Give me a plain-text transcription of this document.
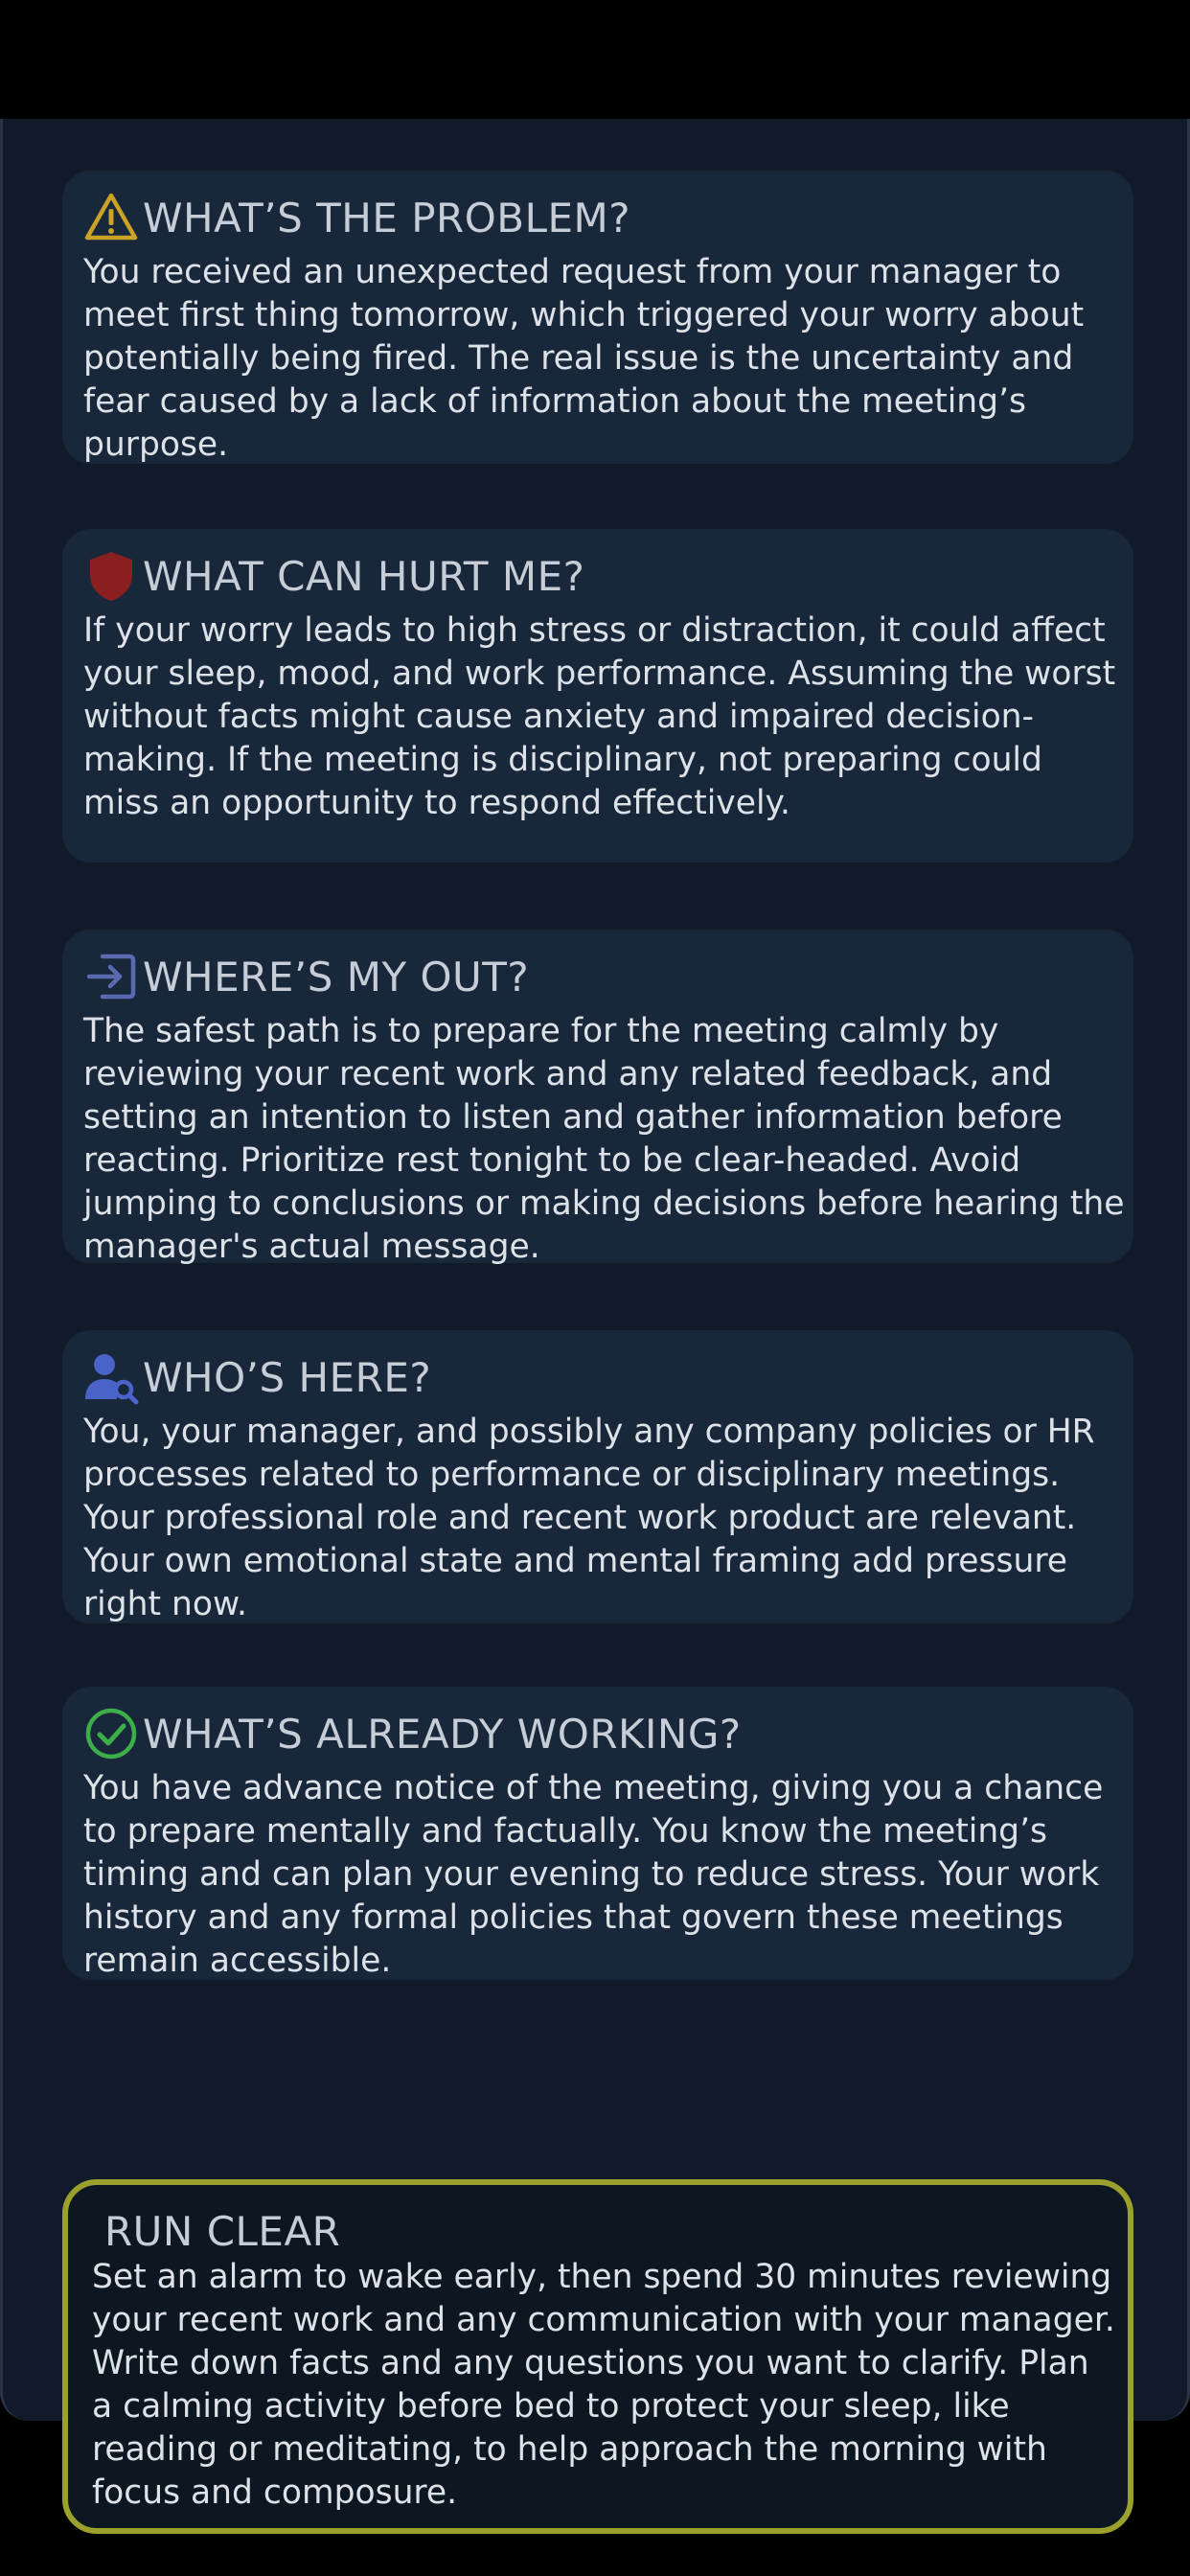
WHAT’S THE PROBLEM?
You received an unexpected request from your manager to meet first thing tomorrow, which triggered your worry about potentially being fired. The real issue is the uncertainty and fear caused by a lack of information about the meeting’s purpose.
WHAT CAN HURT ME?
If your worry leads to high stress or distraction, it could affect your sleep, mood, and work performance. Assuming the worst without facts might cause anxiety and impaired decision-making. If the meeting is disciplinary, not preparing could miss an opportunity to respond effectively.
WHERE’S MY OUT?
The safest path is to prepare for the meeting calmly by reviewing your recent work and any related feedback, and setting an intention to listen and gather information before reacting. Prioritize rest tonight to be clear-headed. Avoid jumping to conclusions or making decisions before hearing the manager's actual message.
WHO’S HERE?
You, your manager, and possibly any company policies or HR processes related to performance or disciplinary meetings. Your professional role and recent work product are relevant. Your own emotional state and mental framing add pressure right now.
WHAT’S ALREADY WORKING?
You have advance notice of the meeting, giving you a chance to prepare mentally and factually. You know the meeting’s timing and can plan your evening to reduce stress. Your work history and any formal policies that govern these meetings remain accessible.
RUN CLEAR
Set an alarm to wake early, then spend 30 minutes reviewing your recent work and any communication with your manager. Write down facts and any questions you want to clarify. Plan a calming activity before bed to protect your sleep, like reading or meditating, to help approach the morning with focus and composure.
